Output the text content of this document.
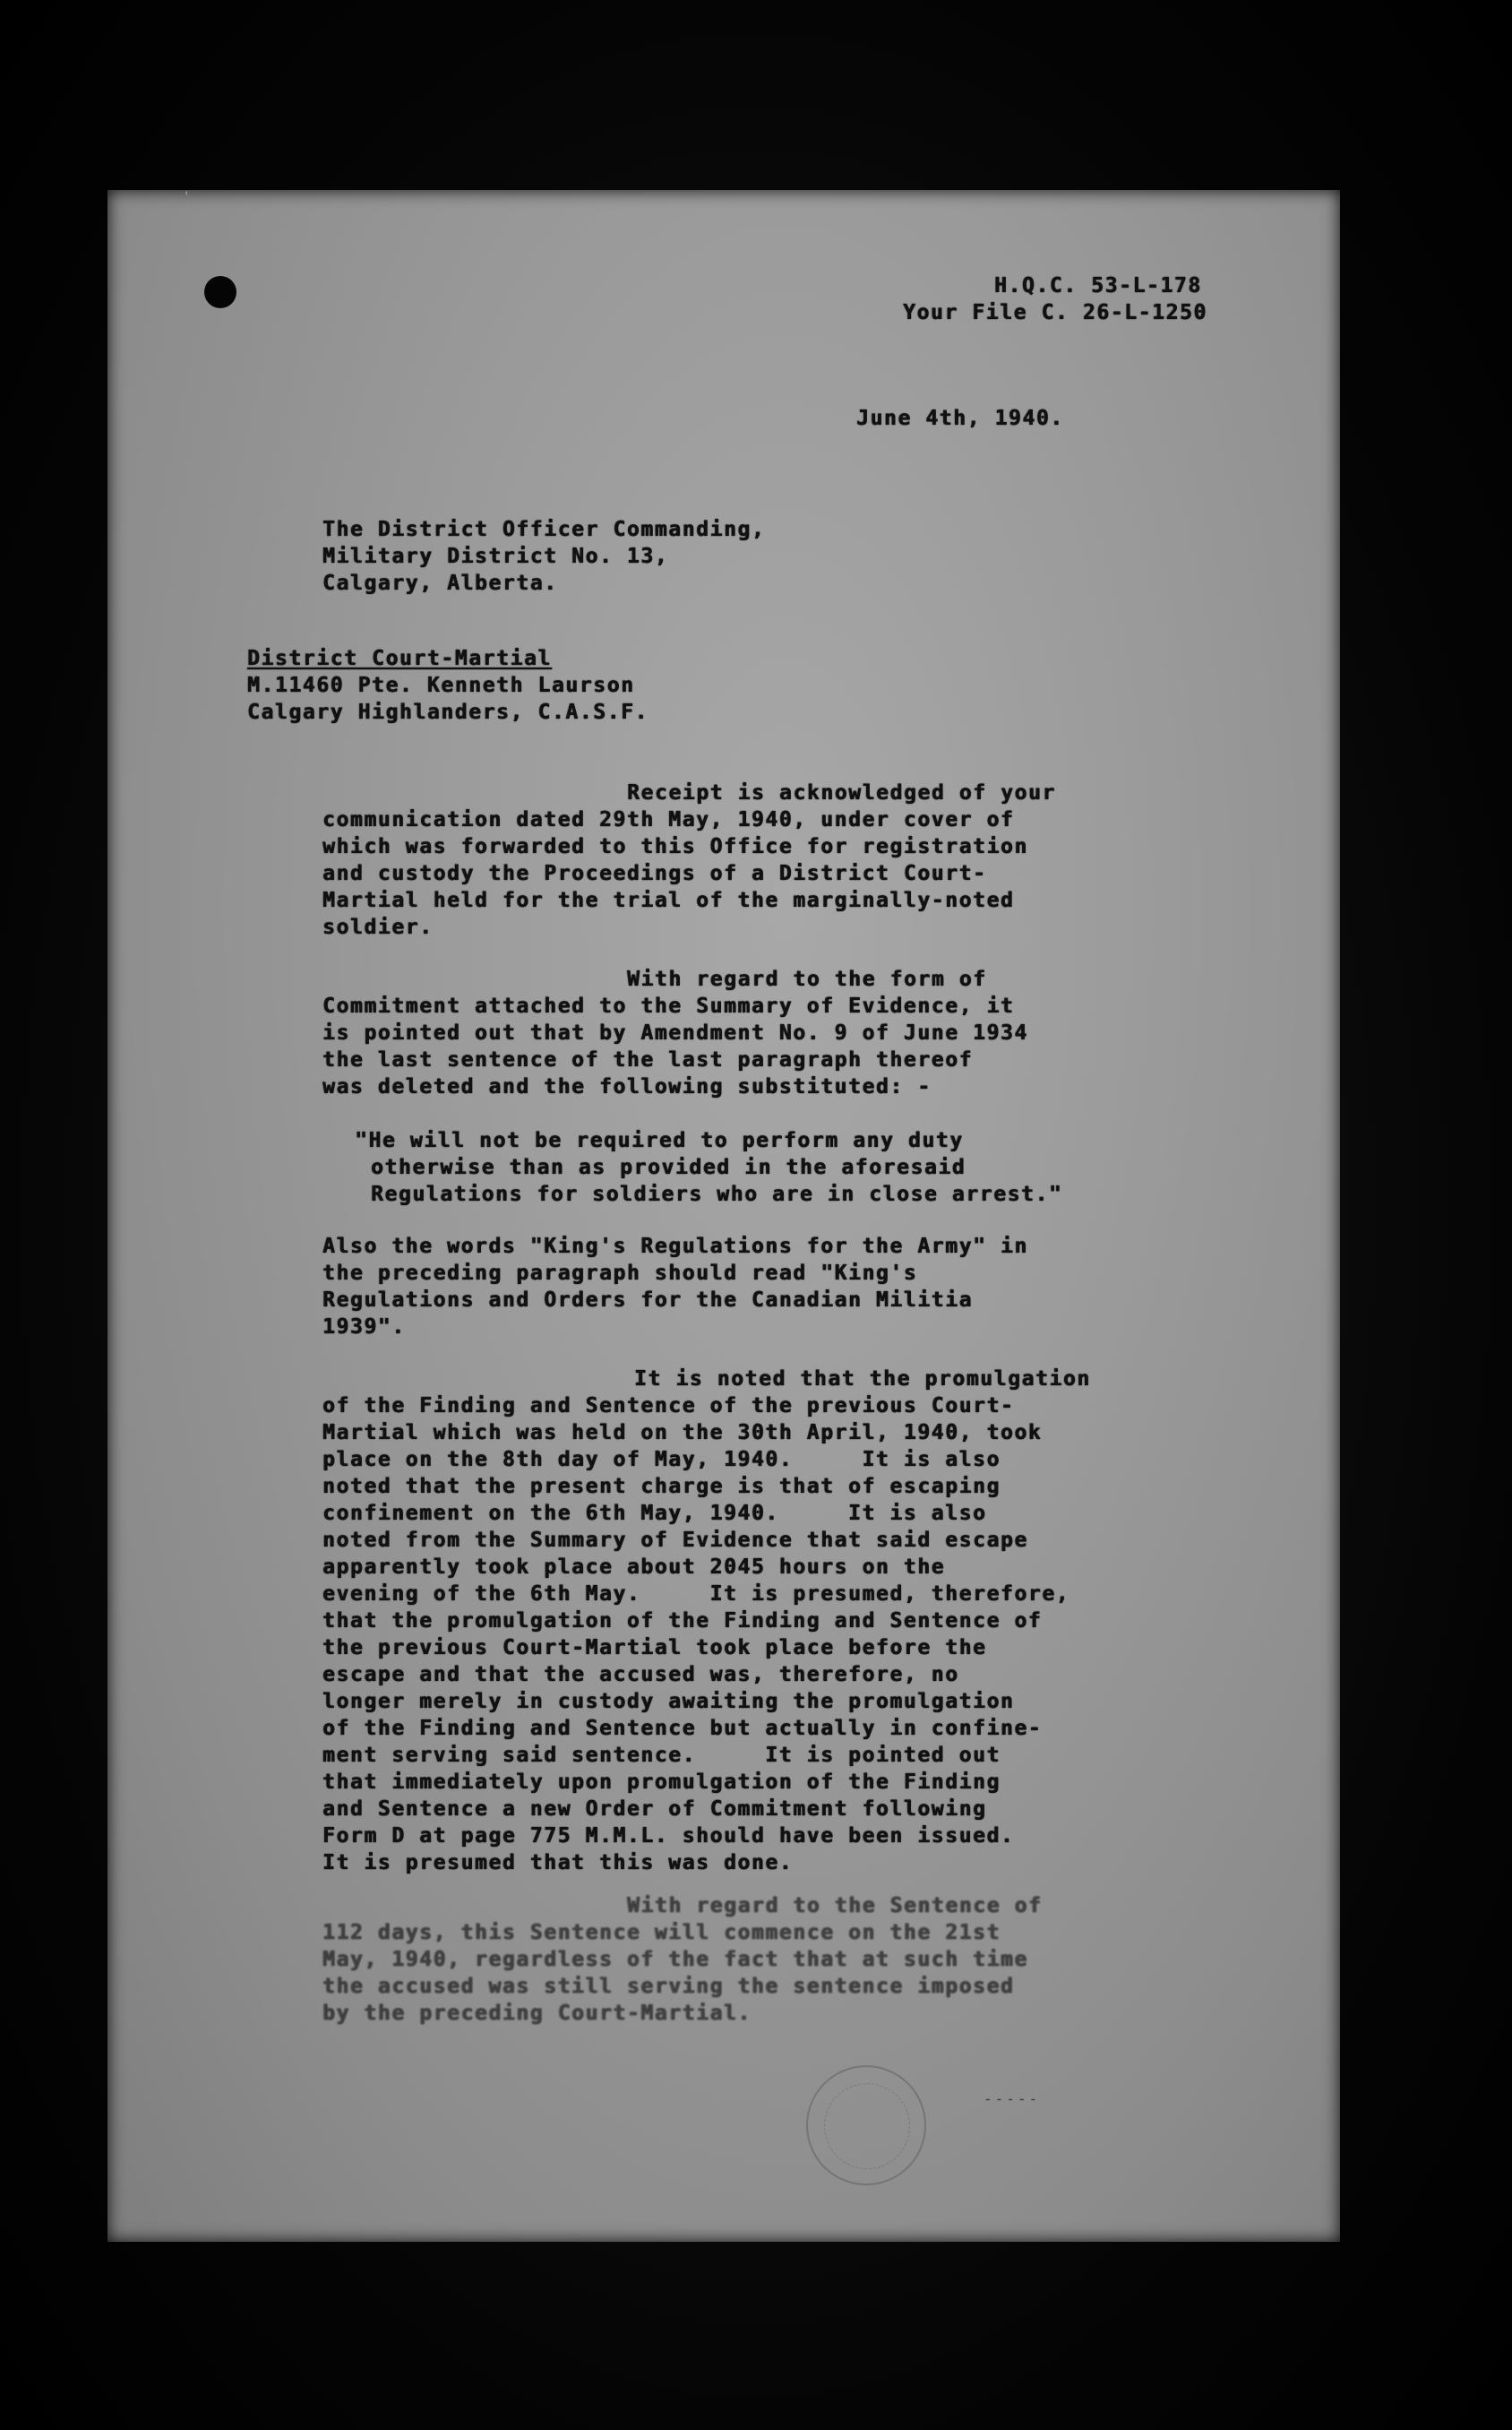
'

H.Q.C. 53-L-178

Your File C. 26-L-1250

June 4th, 1940.

The District Officer Commanding,

Military District No. 13,

Calgary, Alberta.

District Court-Martial

M.11460 Pte. Kenneth Laurson

Calgary Highlanders, C.A.S.F.

Receipt is acknowledged of your

communication dated 29th May, 1940, under cover of

which was forwarded to this Office for registration

and custody the Proceedings of a District Court-

Martial held for the trial of the marginally-noted

soldier.

With regard to the form of

Commitment attached to the Summary of Evidence, it

is pointed out that by Amendment No. 9 of June 1934

the last sentence of the last paragraph thereof

was deleted and the following substituted: -

"He will not be required to perform any duty

otherwise than as provided in the aforesaid

Regulations for soldiers who are in close arrest."

Also the words "King's Regulations for the Army" in

the preceding paragraph should read "King's

Regulations and Orders for the Canadian Militia

1939".

It is noted that the promulgation

of the Finding and Sentence of the previous Court-

Martial which was held on the 30th April, 1940, took

place on the 8th day of May, 1940.     It is also

noted that the present charge is that of escaping

confinement on the 6th May, 1940.     It is also

noted from the Summary of Evidence that said escape

apparently took place about 2045 hours on the

evening of the 6th May.     It is presumed, therefore,

that the promulgation of the Finding and Sentence of

the previous Court-Martial took place before the

escape and that the accused was, therefore, no

longer merely in custody awaiting the promulgation

of the Finding and Sentence but actually in confine-

ment serving said sentence.     It is pointed out

that immediately upon promulgation of the Finding

and Sentence a new Order of Commitment following

Form D at page 775 M.M.L. should have been issued.

It is presumed that this was done.

With regard to the Sentence of

112 days, this Sentence will commence on the 21st

May, 1940, regardless of the fact that at such time

the accused was still serving the sentence imposed

by the preceding Court-Martial.

-----
